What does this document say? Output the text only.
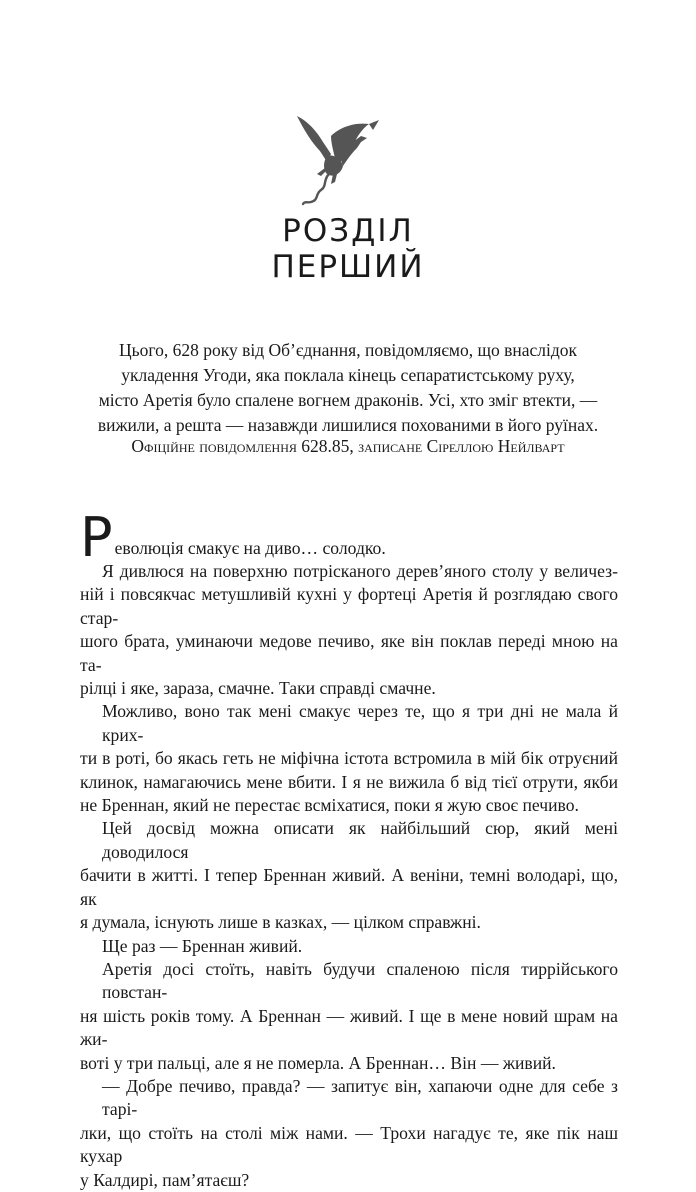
РОЗДІЛ
ПЕРШИЙ

Цього, 628 року від Об’єднання, повідомляємо, що внаслідок

укладення Угоди, яка поклала кінець сепаратистському руху,

місто Аретія було спалене вогнем драконів. Усі, хто зміг втекти, —

вижили, а решта — назавжди лишилися похованими в його руїнах.

Офіційне повідомлення 628.85, записане Сіреллою Нейлварт
Р еволюція смакує на диво… солодко.
Я дивлюся на поверхню потрісканого дерев’яного столу у величез-
ній і повсякчас метушливій кухні у фортеці Аретія й розглядаю свого стар-
шого брата, уминаючи медове печиво, яке він поклав переді мною на та-
рілці і яке, зараза, смачне. Таки справді смачне.
Можливо, воно так мені смакує через те, що я три дні не мала й крих-
ти в роті, бо якась геть не міфічна істота встромила в мій бік отруєний
клинок, намагаючись мене вбити. І я не вижила б від тієї отрути, якби
не Бреннан, який не перестає всміхатися, поки я жую своє печиво.
Цей досвід можна описати як найбільший сюр, який мені доводилося
бачити в житті. І тепер Бреннан живий. А веніни, темні володарі, що, як
я думала, існують лише в казках, — цілком справжні.
Ще раз — Бреннан живий.
Аретія досі стоїть, навіть будучи спаленою після тиррійського повстан-
ня шість років тому. А Бреннан — живий. І ще в мене новий шрам на жи-
воті у три пальці, але я не померла. А Бреннан… Він — живий.
— Добре печиво, правда? — запитує він, хапаючи одне для себе з тарі-
лки, що стоїть на столі між нами. — Трохи нагадує те, яке пік наш кухар
у Калдирі, пам’ятаєш?
